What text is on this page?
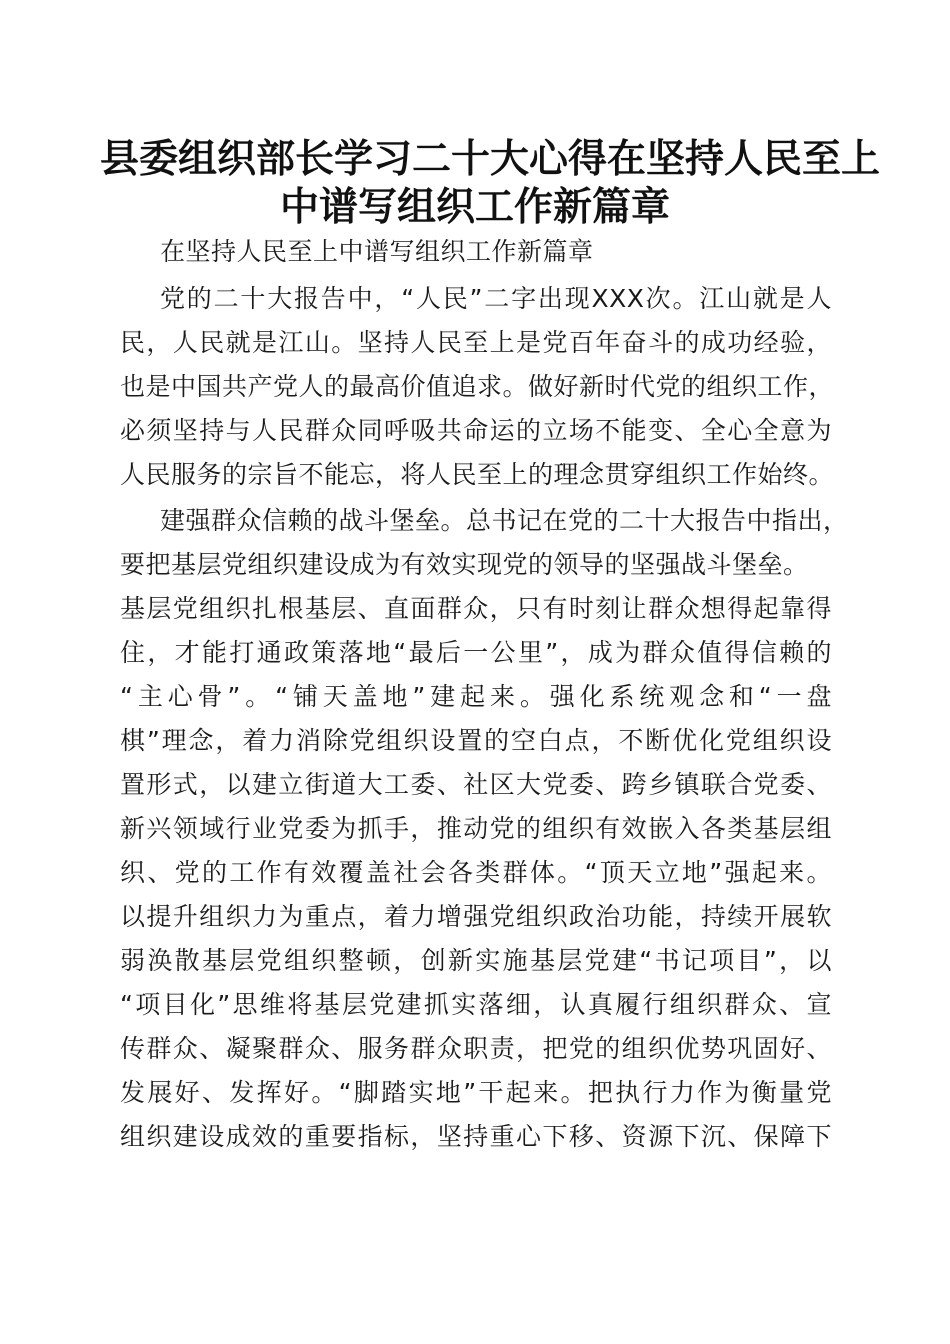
县委组织部长学习二十大心得在坚持人民至上
中谱写组织工作新篇章
在坚持人民至上中谱写组织工作新篇章
党的二十大报告中，“人民”二字出现XXX次。江山就是人
民，人民就是江山。坚持人民至上是党百年奋斗的成功经验，
也是中国共产党人的最高价值追求。做好新时代党的组织工作，
必须坚持与人民群众同呼吸共命运的立场不能变、全心全意为
人民服务的宗旨不能忘，将人民至上的理念贯穿组织工作始终。
建强群众信赖的战斗堡垒。总书记在党的二十大报告中指出，
要把基层党组织建设成为有效实现党的领导的坚强战斗堡垒。
基层党组织扎根基层、直面群众，只有时刻让群众想得起靠得
住，才能打通政策落地“最后一公里”，成为群众值得信赖的
“主心骨”。“铺天盖地”建起来。强化系统观念和“一盘
棋”理念，着力消除党组织设置的空白点，不断优化党组织设
置形式，以建立街道大工委、社区大党委、跨乡镇联合党委、
新兴领域行业党委为抓手，推动党的组织有效嵌入各类基层组
织、党的工作有效覆盖社会各类群体。“顶天立地”强起来。
以提升组织力为重点，着力增强党组织政治功能，持续开展软
弱涣散基层党组织整顿，创新实施基层党建“书记项目”，以
“项目化”思维将基层党建抓实落细，认真履行组织群众、宣
传群众、凝聚群众、服务群众职责，把党的组织优势巩固好、
发展好、发挥好。“脚踏实地”干起来。把执行力作为衡量党
组织建设成效的重要指标，坚持重心下移、资源下沉、保障下
